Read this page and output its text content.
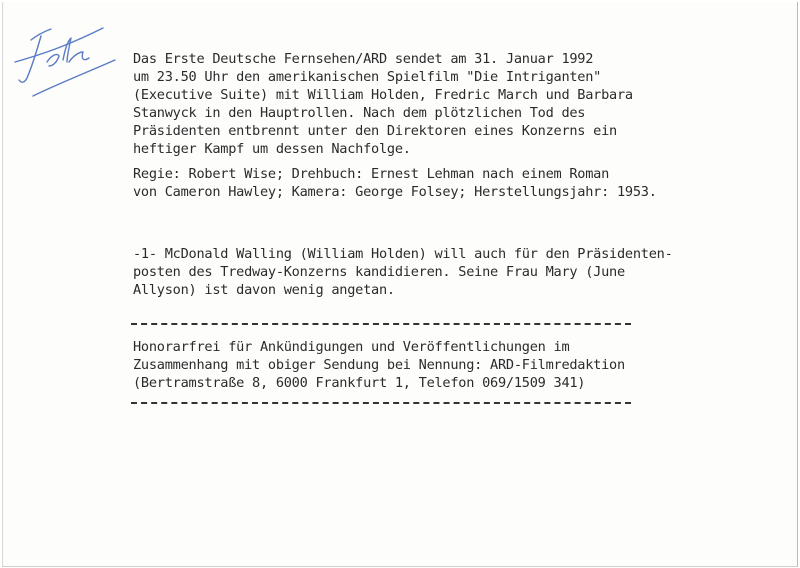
Das Erste Deutsche Fernsehen/ARD sendet am 31. Januar 1992
um 23.50 Uhr den amerikanischen Spielfilm "Die Intriganten"
(Executive Suite) mit William Holden, Fredric March und Barbara
Stanwyck in den Hauptrollen. Nach dem plötzlichen Tod des
Präsidenten entbrennt unter den Direktoren eines Konzerns ein
heftiger Kampf um dessen Nachfolge.
Regie: Robert Wise; Drehbuch: Ernest Lehman nach einem Roman
von Cameron Hawley; Kamera: George Folsey; Herstellungsjahr: 1953.
-1- McDonald Walling (William Holden) will auch für den Präsidenten-
posten des Tredway-Konzerns kandidieren. Seine Frau Mary (June
Allyson) ist davon wenig angetan.
Honorarfrei für Ankündigungen und Veröffentlichungen im
Zusammenhang mit obiger Sendung bei Nennung: ARD-Filmredaktion
(Bertramstraße 8, 6000 Frankfurt 1, Telefon 069/1509 341)
